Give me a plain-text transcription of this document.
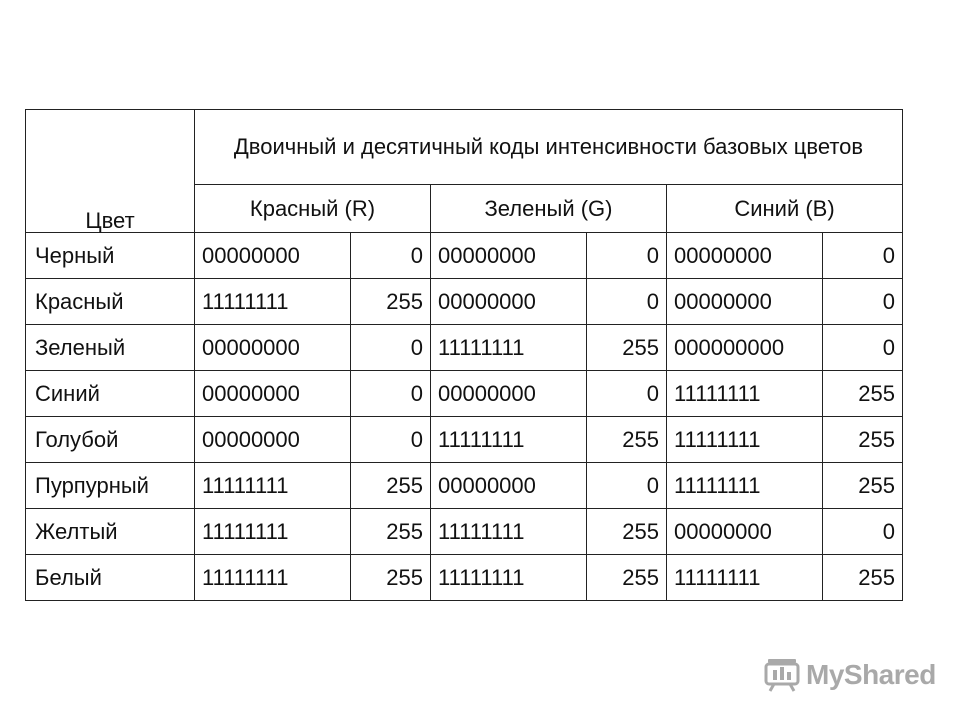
Цвет	Двоичный и десятичный коды интенсивности базовых цветов					
	Красный (R)		Зеленый (G)		Синий (B)	
Черный	00000000	0	00000000	0	00000000	0
Красный	11111111	255	00000000	0	00000000	0
Зеленый	00000000	0	11111111	255	000000000	0
Синий	00000000	0	00000000	0	11111111	255
Голубой	00000000	0	11111111	255	11111111	255
Пурпурный	11111111	255	00000000	0	11111111	255
Желтый	11111111	255	11111111	255	00000000	0
Белый	11111111	255	11111111	255	11111111	255
MyShared
